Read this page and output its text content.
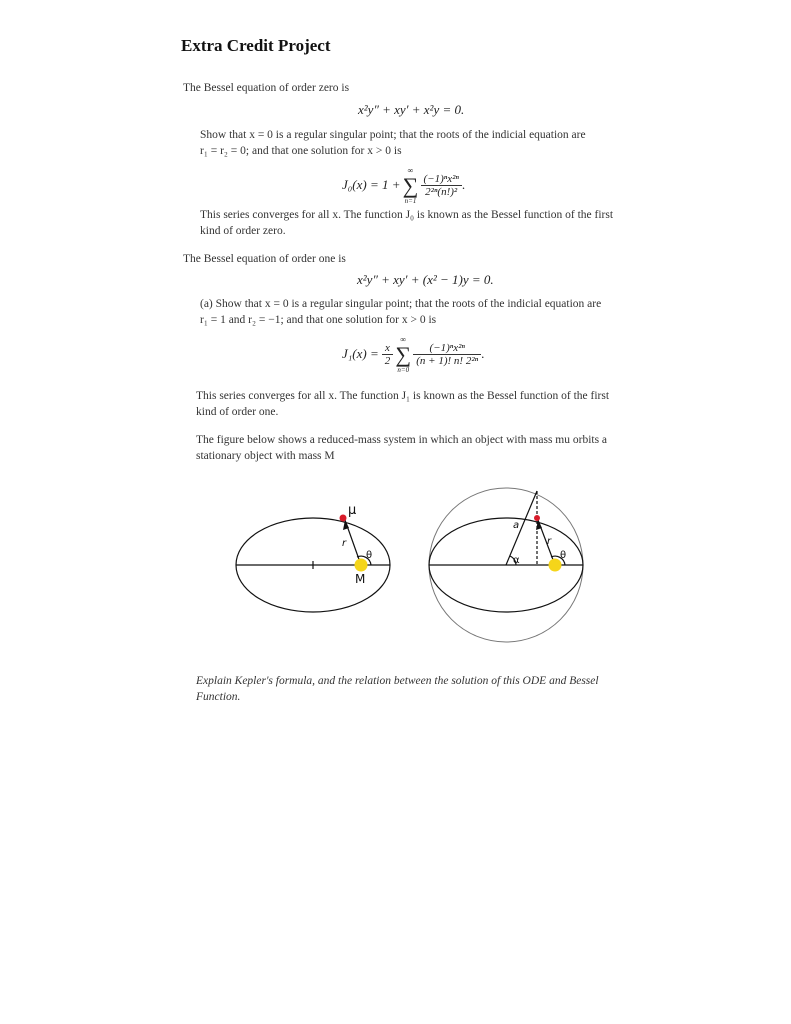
Extra Credit Project
The Bessel equation of order zero is
x²y″ + xy′ + x²y = 0.
Show that x = 0 is a regular singular point; that the roots of the indicial equation are
r₁ = r₂ = 0; and that one solution for x > 0 is
J₀(x) = 1 +
∞
∑
n=1
$\frac{\text{(−1)ⁿx²ⁿ}}{\text{2²ⁿ(n!)²}}$ .
This series converges for all x. The function J₀ is known as the Bessel function of the first
kind of order zero.
The Bessel equation of order one is
x²y″ + xy′ + (x² − 1)y = 0.
(a) Show that x = 0 is a regular singular point; that the roots of the indicial equation are
r₁ = 1 and r₂ = −1; and that one solution for x > 0 is
$J_1(x) = \frac{x}{2}$
∞
∑
n=0
$\frac{\text{(−1)ⁿx²ⁿ}}{\text{(n + 1)! n! 2²ⁿ}}$ .
This series converges for all x. The function J₁ is known as the Bessel function of the first
kind of order one.
The figure below shows a reduced-mass system in which an object with mass mu orbits a
stationary object with mass M
μ
r
θ
M
a
r
α	θ
Explain Kepler's formula, and the relation between the solution of this ODE and Bessel
Function.
